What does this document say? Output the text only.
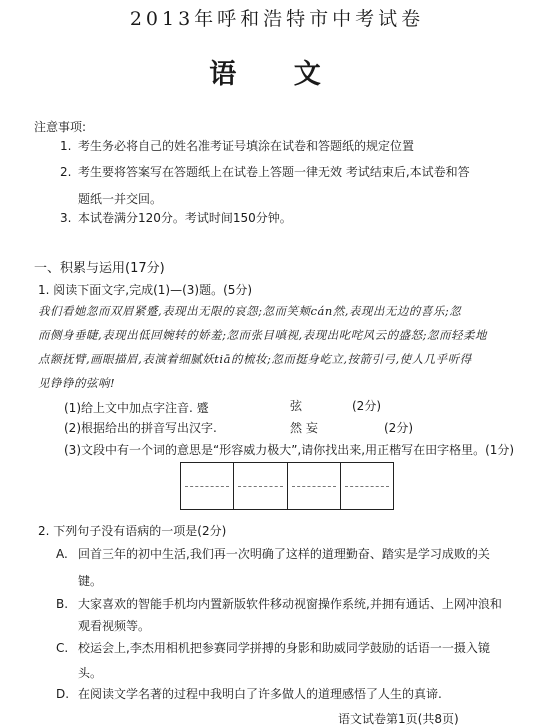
2013年呼和浩特市中考试卷
语 文
注意事项:
1. 考生务必将自己的姓名准考证号填涂在试卷和答题纸的规定位置
2. 考生要将答案写在答题纸上在试卷上答题一律无效 考试结束后,本试卷和答
题纸一并交回。
3. 本试卷满分120分。考试时间150分钟。
一、积累与运用(17分)
1. 阅读下面文字,完成(1)—(3)题。(5分)
我们看她忽而双眉紧蹙,表现出无限的哀怨;忽而笑颊cán然,表现出无边的喜乐;忽
而侧身垂睫,表现出低回婉转的娇羞;忽而张目嗔视,表现出叱咤风云的盛怒;忽而轻柔地
点额抚臂,画眼描眉,表演着细腻妖tiā的梳妆;忽而挺身屹立,按箭引弓,使人几乎听得
见铮铮的弦响!
(1)给上文中加点字注音. 蹙	弦	(2分)
(2)根据给出的拼音写出汉字.	然 妄	(2分)
(3)文段中有一个词的意思是“形容威力极大”,请你找出来,用正楷写在田字格里。(1分)
2. 下列句子没有语病的一项是(2分)
A. 回首三年的初中生活,我们再一次明确了这样的道理勤奋、踏实是学习成败的关
键。
B. 大家喜欢的智能手机均内置新版软件移动视窗操作系统,并拥有通话、上网冲浪和
观看视频等。
C. 校运会上,李杰用相机把参赛同学拼搏的身影和助威同学鼓励的话语一一摄入镜
头。
D. 在阅读文学名著的过程中我明白了许多做人的道理感悟了人生的真谛.
语文试卷第1页(共8页)
